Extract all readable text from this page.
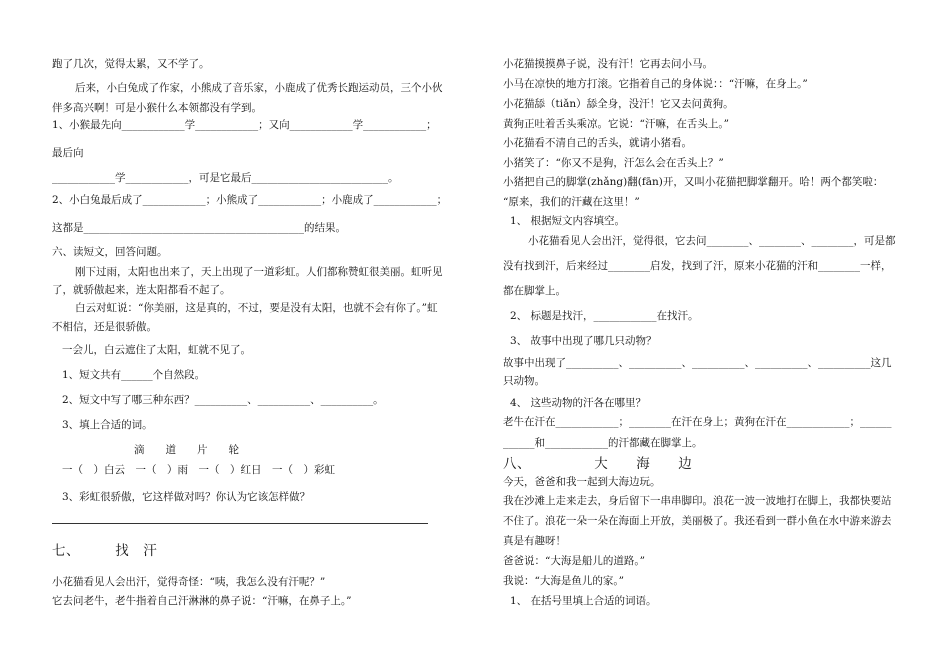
跑了几次，觉得太累，又不学了。
后来，小白兔成了作家，小熊成了音乐家，小鹿成了优秀长跑运动员，三个小伙
伴多高兴啊！可是小猴什么本领都没有学到。
1、小猴最先向____________学____________；又向____________学____________；
最后向
____________学____________，可是它最后__________________________。
2、小白兔最后成了____________；小熊成了____________；小鹿成了____________；
这都是__________________________________________的结果。
六、读短文，回答问题。
刚下过雨，太阳也出来了，天上出现了一道彩虹。人们都称赞虹很美丽。虹听见
了，就骄傲起来，连太阳都看不起了。
白云对虹说：“你美丽，这是真的，不过，要是没有太阳，也就不会有你了。”虹
不相信，还是很骄傲。
一会儿，白云遮住了太阳，虹就不见了。
1、短文共有______个自然段。
2、短文中写了哪三种东西？__________、__________、__________。
3、填上合适的词。
滴　　道　　片　　轮
一（　）白云　一（　）雨　一（　）红日　一（　）彩虹
3、彩虹很骄傲，它这样做对吗？你认为它该怎样做？
七、　　　找　汗
小花猫看见人会出汗，觉得奇怪：“咦，我怎么没有汗呢？”
它去问老牛，老牛指着自己汗淋淋的鼻子说：“汗嘛，在鼻子上。”
小花猫摸摸鼻子说，没有汗！它再去问小马。
小马在凉快的地方打滚。它指着自己的身体说：：“汗嘛，在身上。”
小花猫舔（tiǎn）舔全身，没汗！它又去问黄狗。
黄狗正吐着舌头乘凉。它说：“汗嘛，在舌头上。”
小花猫看不清自己的舌头，就请小猪看。
小猪笑了：“你又不是狗，汗怎么会在舌头上？”
小猪把自己的脚掌(zhǎng)翻(fān)开，又叫小花猫把脚掌翻开。哈！两个都笑啦：
“原来，我们的汗藏在这里！”
1、 根据短文内容填空。
小花猫看见人会出汗，觉得很，它去问________、________、________，可是都
没有找到汗，后来经过________启发，找到了汗，原来小花猫的汗和________一样，
都在脚掌上。
2、 标题是找汗，____________在找汗。
3、 故事中出现了哪几只动物？
故事中出现了__________、__________、__________、__________、__________这几
只动物。
4、 这些动物的汗各在哪里？
老牛在汗在____________；________在汗在身上；黄狗在汗在____________；______
______和____________的汗都藏在脚掌上。
八、　　　　　大　　海　　边
今天，爸爸和我一起到大海边玩。
我在沙滩上走来走去，身后留下一串串脚印。浪花一波一波地打在脚上，我都快要站
不住了。浪花一朵一朵在海面上开放，美丽极了。我还看到一群小鱼在水中游来游去
真是有趣呀！
爸爸说：“大海是船儿的道路。”
我说：“大海是鱼儿的家。”
1、 在括号里填上合适的词语。
